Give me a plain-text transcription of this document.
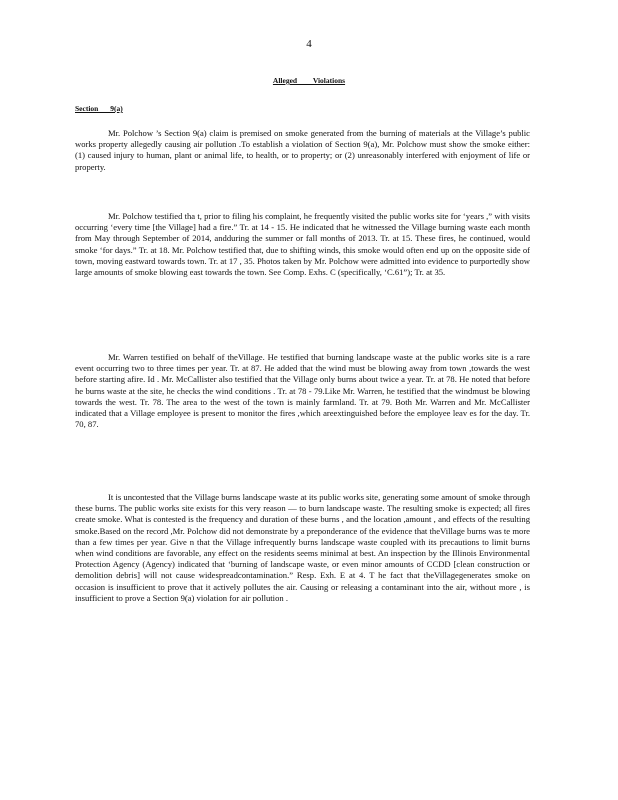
4
Alleged Violations
Section 9(a)

Mr. Polchow ’s Section 9(a) claim is premised on smoke generated from the burning of materials at the Village’s public works property allegedly causing air pollution .To establish a violation of Section 9(a), Mr. Polchow must show the smoke either: (1) caused injury to human, plant or animal life, to health, or to property; or (2) unreasonably interfered with enjoyment of life or property.

Mr. Polchow testified tha t, prior to filing his complaint, he frequently visited the public works site for ‘years ,” with visits occurring ‘every time [the Village] had a fire.” Tr. at 14 - 15. He indicated that he witnessed the Village burning waste each month from May through September of 2014, andduring the summer or fall months of 2013. Tr. at 15. These fires, he continued, would smoke ‘for days.” Tr. at 18. Mr. Polchow testified that, due to shifting winds, this smoke would often end up on the opposite side of town, moving eastward towards town. Tr. at 17 , 35. Photos taken by Mr. Polchow were admitted into evidence to purportedly show large amounts of smoke blowing east towards the town. See Comp. Exhs. C (specifically, ‘C.61”); Tr. at 35.

Mr. Warren testified on behalf of theVillage. He testified that burning landscape waste at the public works site is a rare event occurring two to three times per year. Tr. at 87. He added that the wind must be blowing away from town ,towards the west before starting afire. Id . Mr. McCallister also testified that the Village only burns about twice a year. Tr. at 78. He noted that before he burns waste at the site, he checks the wind conditions . Tr. at 78 - 79.Like Mr. Warren, he testified that the windmust be blowing towards the west. Tr. 78. The area to the west of the town is mainly farmland. Tr. at 79. Both Mr. Warren and Mr. McCallister indicated that a Village employee is present to monitor the fires ,which areextinguished before the employee leav es for the day. Tr. 70, 87.

It is uncontested that the Village burns landscape waste at its public works site, generating some amount of smoke through these burns. The public works site exists for this very reason — to burn landscape waste. The resulting smoke is expected; all fires create smoke. What is contested is the frequency and duration of these burns , and the location ,amount , and effects of the resulting smoke.Based on the record ,Mr. Polchow did not demonstrate by a preponderance of the evidence that theVillage burns was te more than a few times per year. Give n that the Village infrequently burns landscape waste coupled with its precautions to limit burns when wind conditions are favorable, any effect on the residents seems minimal at best. An inspection by the Illinois Environmental Protection Agency (Agency) indicated that ‘burning of landscape waste, or even minor amounts of CCDD [clean construction or demolition debris] will not cause widespreadcontamination.” Resp. Exh. E at 4. T he fact that theVillagegenerates smoke on occasion is insufficient to prove that it actively pollutes the air. Causing or releasing a contaminant into the air, without more , is insufficient to prove a Section 9(a) violation for air pollution .
